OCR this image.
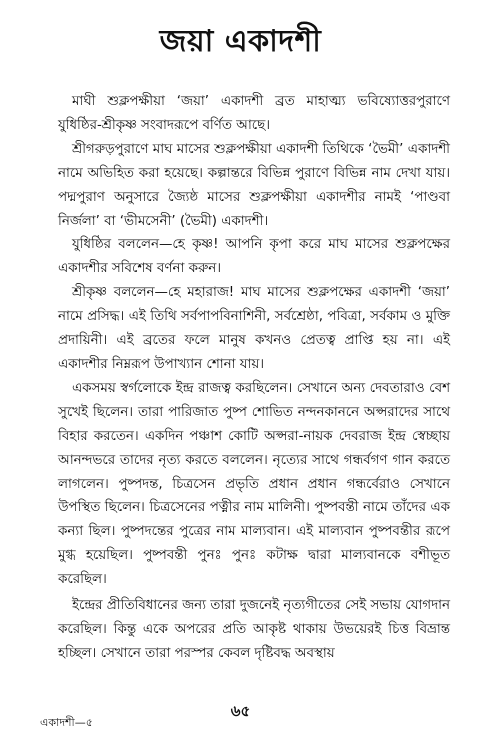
জয়া একাদশী

মাঘী শুক্লপক্ষীয়া ‘জয়া’ একাদশী ব্রত মাহাত্ম্য ভবিষ্যোত্তরপুরাণে যুধিষ্ঠির-শ্রীকৃষ্ণ সংবাদরূপে বর্ণিত আছে।

শ্রীগরুড়পুরাণে মাঘ মাসের শুক্লপক্ষীয়া একাদশী তিথিকে ‘ভৈমী’ একাদশী নামে অভিহিত করা হয়েছে। কল্পান্তরে বিভিন্ন পুরাণে বিভিন্ন নাম দেখা যায়। পদ্মপুরাণ অনুসারে জ্যৈষ্ঠ মাসের শুক্লপক্ষীয়া একাদশীর নামই ‘পাণ্ডবা নির্জলা’ বা ‘ভীমসেনী’ (ভৈমী) একাদশী।

যুধিষ্ঠির বললেন—হে কৃষ্ণ! আপনি কৃপা করে মাঘ মাসের শুক্লপক্ষের একাদশীর সবিশেষ বর্ণনা করুন।

শ্রীকৃষ্ণ বললেন—হে মহারাজ! মাঘ মাসের শুক্লপক্ষের একাদশী ‘জয়া’ নামে প্রসিদ্ধ। এই তিথি সর্বপাপবিনাশিনী, সর্বশ্রেষ্ঠা, পবিত্রা, সর্বকাম ও মুক্তি প্রদায়িনী। এই ব্রতের ফলে মানুষ কখনও প্রেতত্ব প্রাপ্তি হয় না। এই একাদশীর নিম্নরূপ উপাখ্যান শোনা যায়।

একসময় স্বর্গলোকে ইন্দ্র রাজত্ব করছিলেন। সেখানে অন্য দেবতারাও বেশ সুখেই ছিলেন। তারা পারিজাত পুষ্প শোভিত নন্দনকাননে অপ্সরাদের সাথে বিহার করতেন। একদিন পঞ্চাশ কোটি অপ্সরা-নায়ক দেবরাজ ইন্দ্র স্বেচ্ছায় আনন্দভরে তাদের নৃত্য করতে বললেন। নৃত্যের সাথে গন্ধর্বগণ গান করতে লাগলেন। পুষ্পদন্ত, চিত্রসেন প্রভৃতি প্রধান প্রধান গন্ধর্বেরাও সেখানে উপস্থিত ছিলেন। চিত্রসেনের পত্নীর নাম মালিনী। পুষ্পবন্তী নামে তাঁদের এক কন্যা ছিল। পুষ্পদন্তের পুত্রের নাম মাল্যবান। এই মাল্যবান পুষ্পবন্তীর রূপে মুগ্ধ হয়েছিল। পুষ্পবন্তী পুনঃ পুনঃ কটাক্ষ দ্বারা মাল্যবানকে বশীভূত করেছিল।

ইন্দ্রের প্রীতিবিধানের জন্য তারা দুজনেই নৃত্যগীতের সেই সভায় যোগদান করেছিল। কিন্তু একে অপরের প্রতি আকৃষ্ট থাকায় উভয়েরই চিত্ত বিভ্রান্ত হচ্ছিল। সেখানে তারা পরস্পর কেবল দৃষ্টিবদ্ধ অবস্থায়

৬৫
একাদশী—৫
